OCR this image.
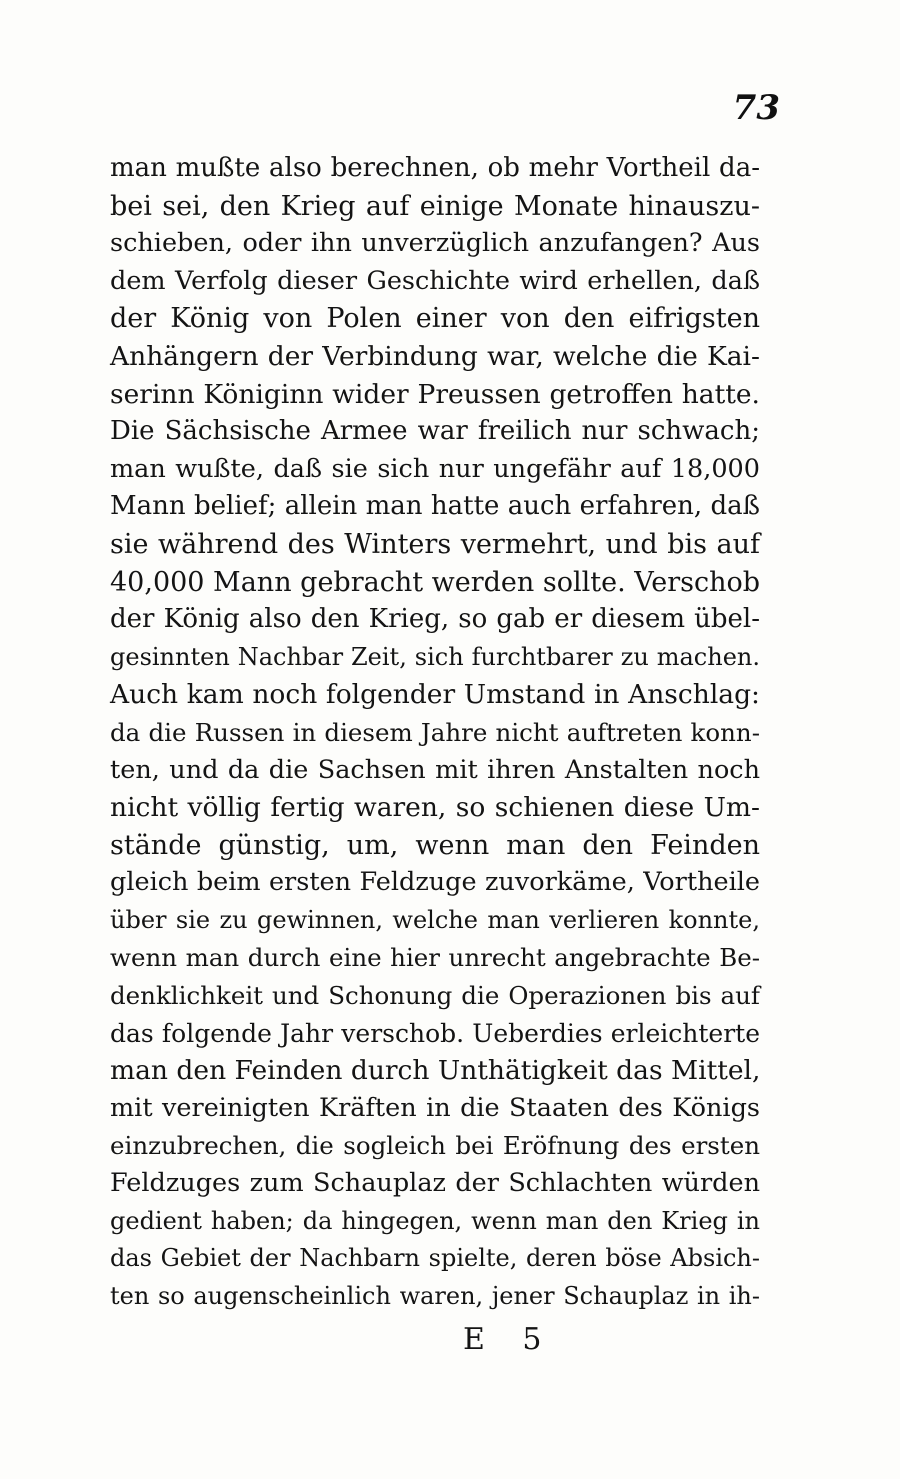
73
man mußte also berechnen, ob mehr Vortheil da-
bei sei, den Krieg auf einige Monate hinauszu-
schieben, oder ihn unverzüglich anzufangen? Aus
dem Verfolg dieser Geschichte wird erhellen, daß
der König von Polen einer von den eifrigsten
Anhängern der Verbindung war, welche die Kai-
serinn Königinn wider Preussen getroffen hatte.
Die Sächsische Armee war freilich nur schwach;
man wußte, daß sie sich nur ungefähr auf 18,000
Mann belief; allein man hatte auch erfahren, daß
sie während des Winters vermehrt, und bis auf
40,000 Mann gebracht werden sollte. Verschob
der König also den Krieg, so gab er diesem übel-
gesinnten Nachbar Zeit, sich furchtbarer zu machen.
Auch kam noch folgender Umstand in Anschlag:
da die Russen in diesem Jahre nicht auftreten konn-
ten, und da die Sachsen mit ihren Anstalten noch
nicht völlig fertig waren, so schienen diese Um-
stände günstig, um, wenn man den Feinden
gleich beim ersten Feldzuge zuvorkäme, Vortheile
über sie zu gewinnen, welche man verlieren konnte,
wenn man durch eine hier unrecht angebrachte Be-
denklichkeit und Schonung die Operazionen bis auf
das folgende Jahr verschob. Ueberdies erleichterte
man den Feinden durch Unthätigkeit das Mittel,
mit vereinigten Kräften in die Staaten des Königs
einzubrechen, die sogleich bei Eröfnung des ersten
Feldzuges zum Schauplaz der Schlachten würden
gedient haben; da hingegen, wenn man den Krieg in
das Gebiet der Nachbarn spielte, deren böse Absich-
ten so augenscheinlich waren, jener Schauplaz in ih-
E 5
